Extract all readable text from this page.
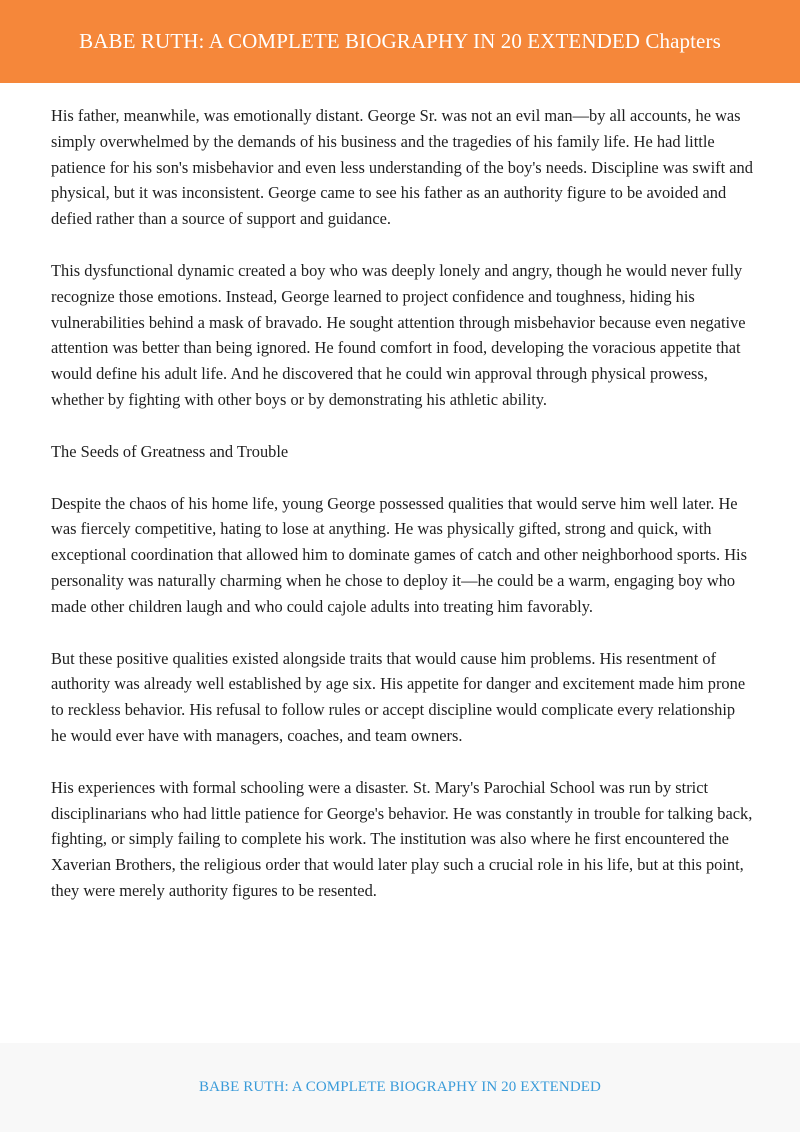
BABE RUTH: A COMPLETE BIOGRAPHY IN 20 EXTENDED Chapters

His father, meanwhile, was emotionally distant. George Sr. was not an evil man—by all accounts, he was simply overwhelmed by the demands of his business and the tragedies of his family life. He had little patience for his son's misbehavior and even less understanding of the boy's needs. Discipline was swift and physical, but it was inconsistent. George came to see his father as an authority figure to be avoided and defied rather than a source of support and guidance.

This dysfunctional dynamic created a boy who was deeply lonely and angry, though he would never fully recognize those emotions. Instead, George learned to project confidence and toughness, hiding his vulnerabilities behind a mask of bravado. He sought attention through misbehavior because even negative attention was better than being ignored. He found comfort in food, developing the voracious appetite that would define his adult life. And he discovered that he could win approval through physical prowess, whether by fighting with other boys or by demonstrating his athletic ability.

The Seeds of Greatness and Trouble

Despite the chaos of his home life, young George possessed qualities that would serve him well later. He was fiercely competitive, hating to lose at anything. He was physically gifted, strong and quick, with exceptional coordination that allowed him to dominate games of catch and other neighborhood sports. His personality was naturally charming when he chose to deploy it—he could be a warm, engaging boy who made other children laugh and who could cajole adults into treating him favorably.

But these positive qualities existed alongside traits that would cause him problems. His resentment of authority was already well established by age six. His appetite for danger and excitement made him prone to reckless behavior. His refusal to follow rules or accept discipline would complicate every relationship he would ever have with managers, coaches, and team owners.

His experiences with formal schooling were a disaster. St. Mary's Parochial School was run by strict disciplinarians who had little patience for George's behavior. He was constantly in trouble for talking back, fighting, or simply failing to complete his work. The institution was also where he first encountered the Xaverian Brothers, the religious order that would later play such a crucial role in his life, but at this point, they were merely authority figures to be resented.

BABE RUTH: A COMPLETE BIOGRAPHY IN 20 EXTENDED
